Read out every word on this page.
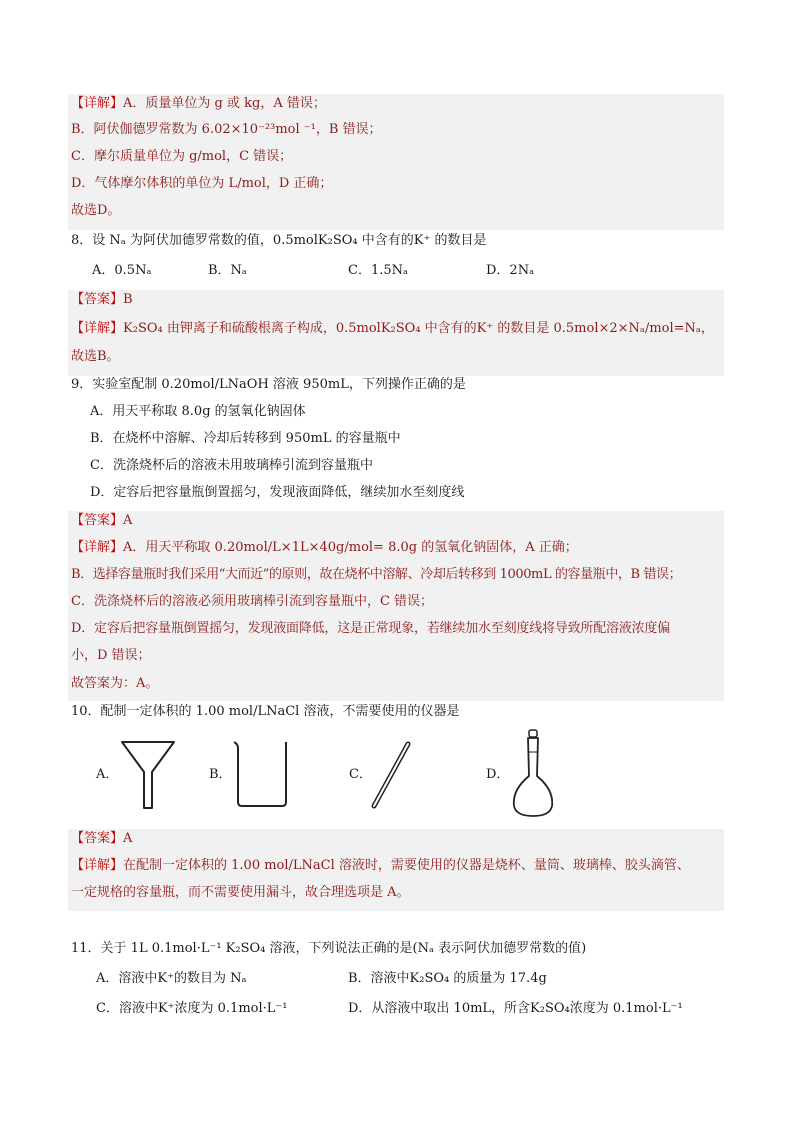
【详解】A．质量单位为 g 或 kg，A 错误；
B．阿伏伽德罗常数为 6.02×10⁻²³mol ⁻¹，B 错误；
C．摩尔质量单位为 g/mol，C 错误；
D．气体摩尔体积的单位为 L/mol，D 正确；
故选D。
8．设 Nₐ 为阿伏加德罗常数的值，0.5molK₂SO₄ 中含有的K⁺ 的数目是
A．0.5Nₐ	B．Nₐ	C．1.5Nₐ	D．2Nₐ
【答案】B
【详解】K₂SO₄ 由钾离子和硫酸根离子构成，0.5molK₂SO₄ 中含有的K⁺ 的数目是 0.5mol×2×Nₐ/mol=Nₐ，
故选B。
9．实验室配制 0.20mol/LNaOH 溶液 950mL，下列操作正确的是
A．用天平称取 8.0g 的氢氧化钠固体
B．在烧杯中溶解、冷却后转移到 950mL 的容量瓶中
C．洗涤烧杯后的溶液未用玻璃棒引流到容量瓶中
D．定容后把容量瓶倒置摇匀，发现液面降低，继续加水至刻度线
【答案】A
【详解】A．用天平称取 0.20mol/L×1L×40g/mol= 8.0g 的氢氧化钠固体，A 正确；
B．选择容量瓶时我们采用“大而近”的原则，故在烧杯中溶解、冷却后转移到 1000mL 的容量瓶中，B 错误；
C．洗涤烧杯后的溶液必须用玻璃棒引流到容量瓶中，C 错误；
D．定容后把容量瓶倒置摇匀，发现液面降低，这是正常现象，若继续加水至刻度线将导致所配溶液浓度偏
小，D 错误；
故答案为：A。
10．配制一定体积的 1.00 mol/LNaCl 溶液，不需要使用的仪器是
A．	B．	C．	D．
【答案】A
【详解】在配制一定体积的 1.00 mol/LNaCl 溶液时，需要使用的仪器是烧杯、量筒、玻璃棒、胶头滴管、
一定规格的容量瓶，而不需要使用漏斗，故合理选项是 A。
11．关于 1L 0.1mol·L⁻¹ K₂SO₄ 溶液，下列说法正确的是(Nₐ 表示阿伏加德罗常数的值)
A．溶液中K⁺的数目为 Nₐ	B．溶液中K₂SO₄ 的质量为 17.4g
C．溶液中K⁺浓度为 0.1mol·L⁻¹	D．从溶液中取出 10mL，所含K₂SO₄浓度为 0.1mol·L⁻¹
